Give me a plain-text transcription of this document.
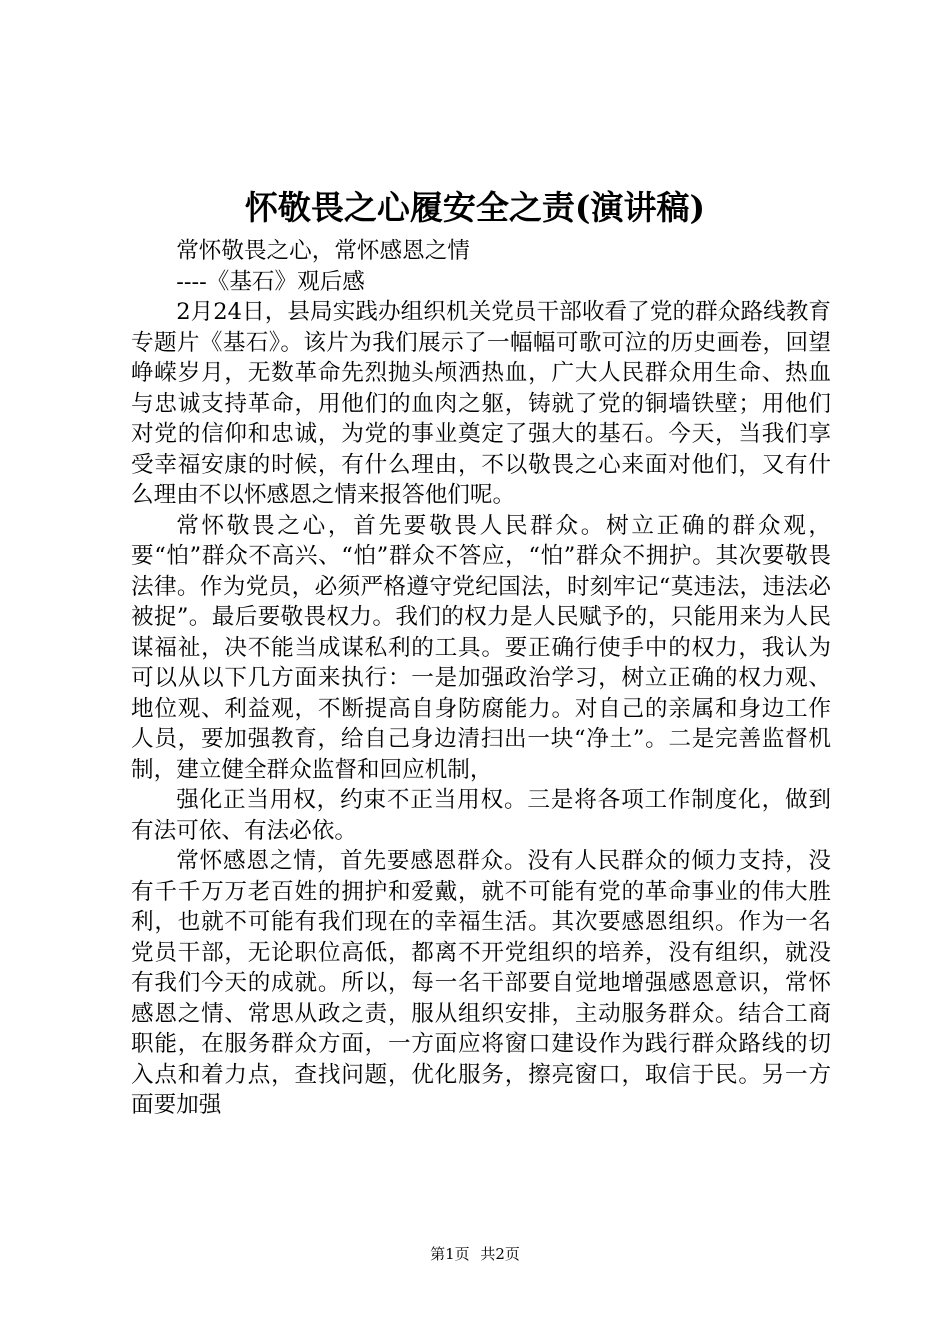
怀敬畏之心履安全之责(演讲稿)

常怀敬畏之心，常怀感恩之情

----《基石》观后感

2月24日，县局实践办组织机关党员干部收看了党的群众路线教育专题片《基石》。该片为我们展示了一幅幅可歌可泣的历史画卷，回望峥嵘岁月，无数革命先烈抛头颅洒热血，广大人民群众用生命、热血与忠诚支持革命，用他们的血肉之躯，铸就了党的铜墙铁壁；用他们对党的信仰和忠诚，为党的事业奠定了强大的基石。今天，当我们享受幸福安康的时候，有什么理由，不以敬畏之心来面对他们，又有什么理由不以怀感恩之情来报答他们呢。

常怀敬畏之心，首先要敬畏人民群众。树立正确的群众观，要“怕”群众不高兴、“怕”群众不答应，“怕”群众不拥护。其次要敬畏法律。作为党员，必须严格遵守党纪国法，时刻牢记“莫违法，违法必被捉”。最后要敬畏权力。我们的权力是人民赋予的，只能用来为人民谋福祉，决不能当成谋私利的工具。要正确行使手中的权力，我认为可以从以下几方面来执行：一是加强政治学习，树立正确的权力观、地位观、利益观，不断提高自身防腐能力。对自己的亲属和身边工作人员，要加强教育，给自己身边清扫出一块“净土”。二是完善监督机制，建立健全群众监督和回应机制，

强化正当用权，约束不正当用权。三是将各项工作制度化，做到有法可依、有法必依。

常怀感恩之情，首先要感恩群众。没有人民群众的倾力支持，没有千千万万老百姓的拥护和爱戴，就不可能有党的革命事业的伟大胜利，也就不可能有我们现在的幸福生活。其次要感恩组织。作为一名党员干部，无论职位高低，都离不开党组织的培养，没有组织，就没有我们今天的成就。所以，每一名干部要自觉地增强感恩意识，常怀感恩之情、常思从政之责，服从组织安排，主动服务群众。结合工商职能，在服务群众方面，一方面应将窗口建设作为践行群众路线的切入点和着力点，查找问题，优化服务，擦亮窗口，取信于民。另一方面要加强

第1页 共2页
